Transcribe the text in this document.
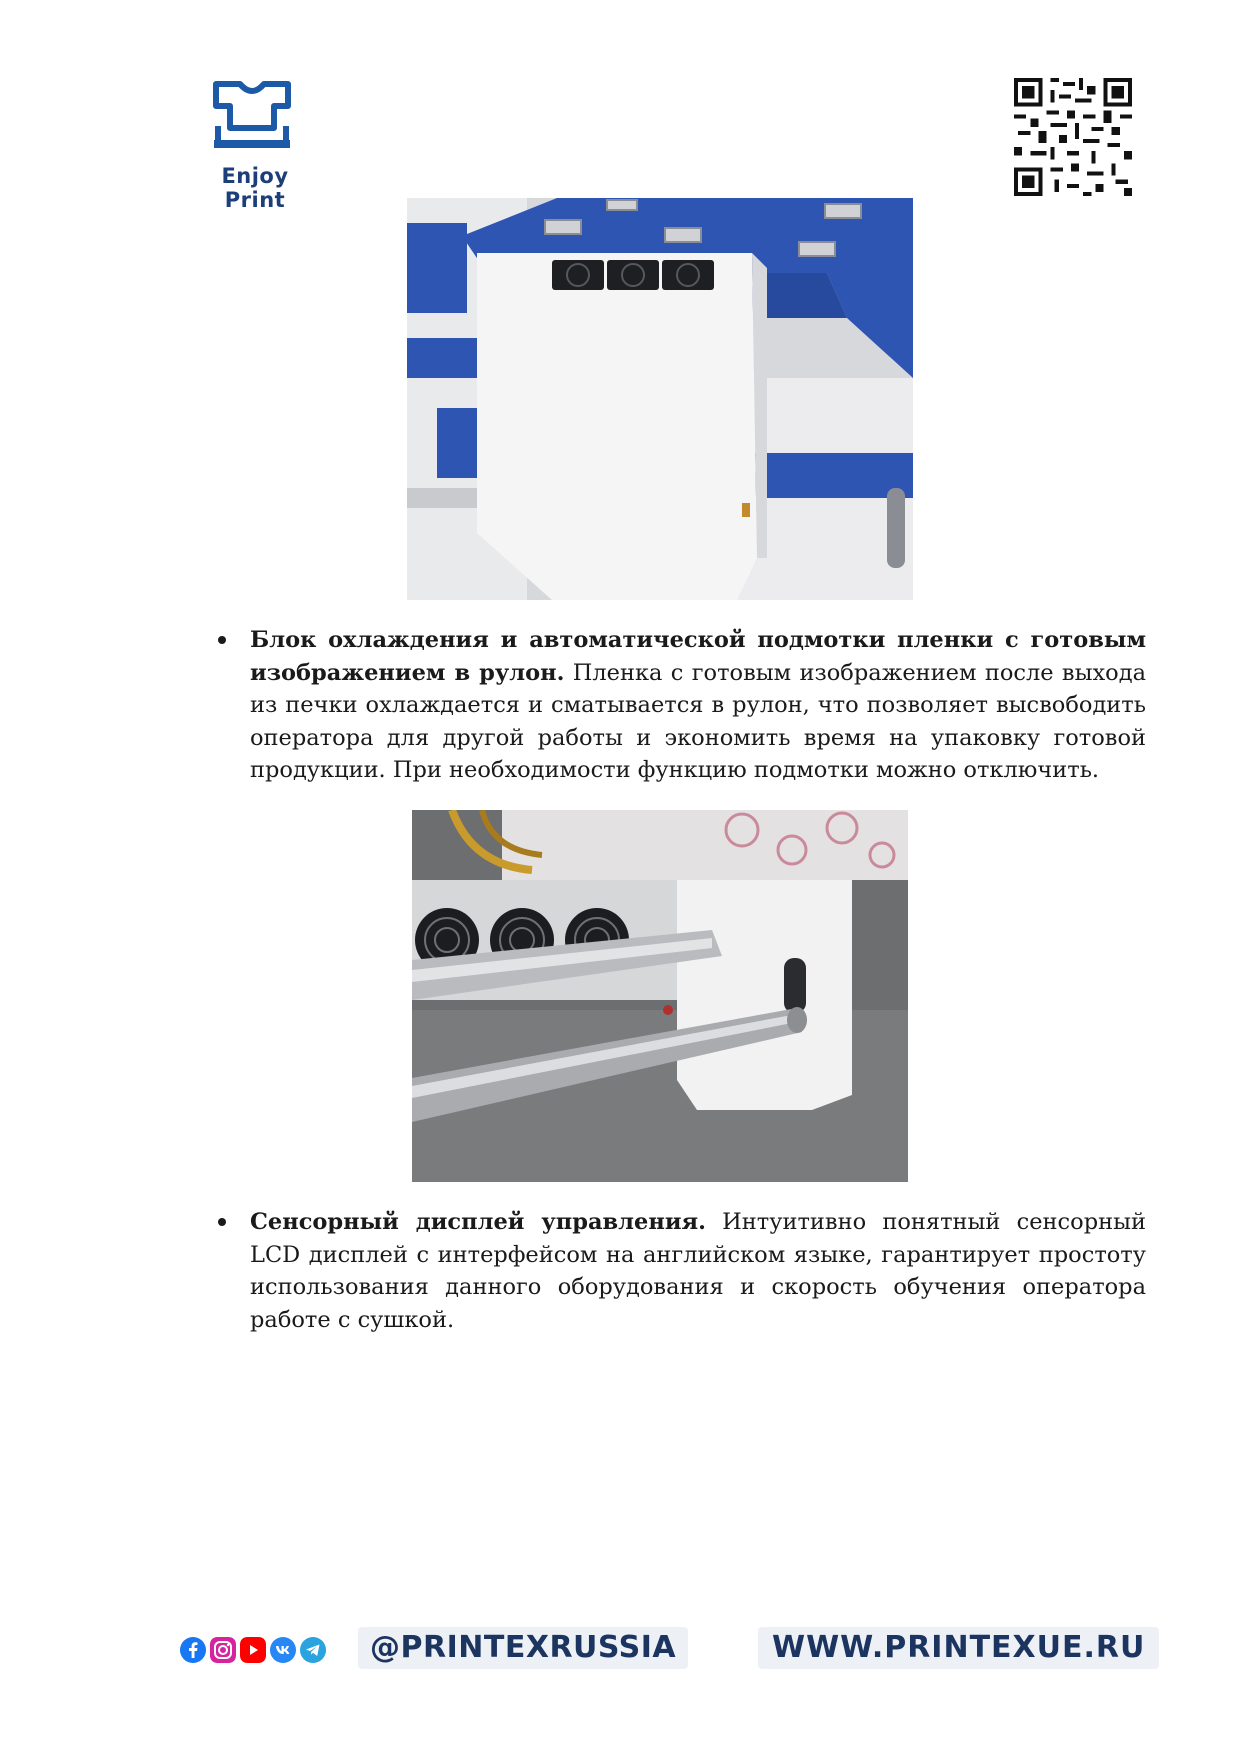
Enjoy Print

Блок охлаждения и автоматической подмотки пленки с готовым изображением в рулон. Пленка с готовым изображением после выхода из печки охлаждается и сматывается в рулон, что позволяет высвободить оператора для другой работы и экономить время на упаковку готовой продукции. При необходимости функцию подмотки можно отключить.

Сенсорный дисплей управления. Интуитивно понятный сенсорный LCD дисплей с интерфейсом на английском языке, гарантирует простоту использования данного оборудования и скорость обучения оператора работе с сушкой.

@PRINTEXRUSSIA	WWW.PRINTEXUE.RU
